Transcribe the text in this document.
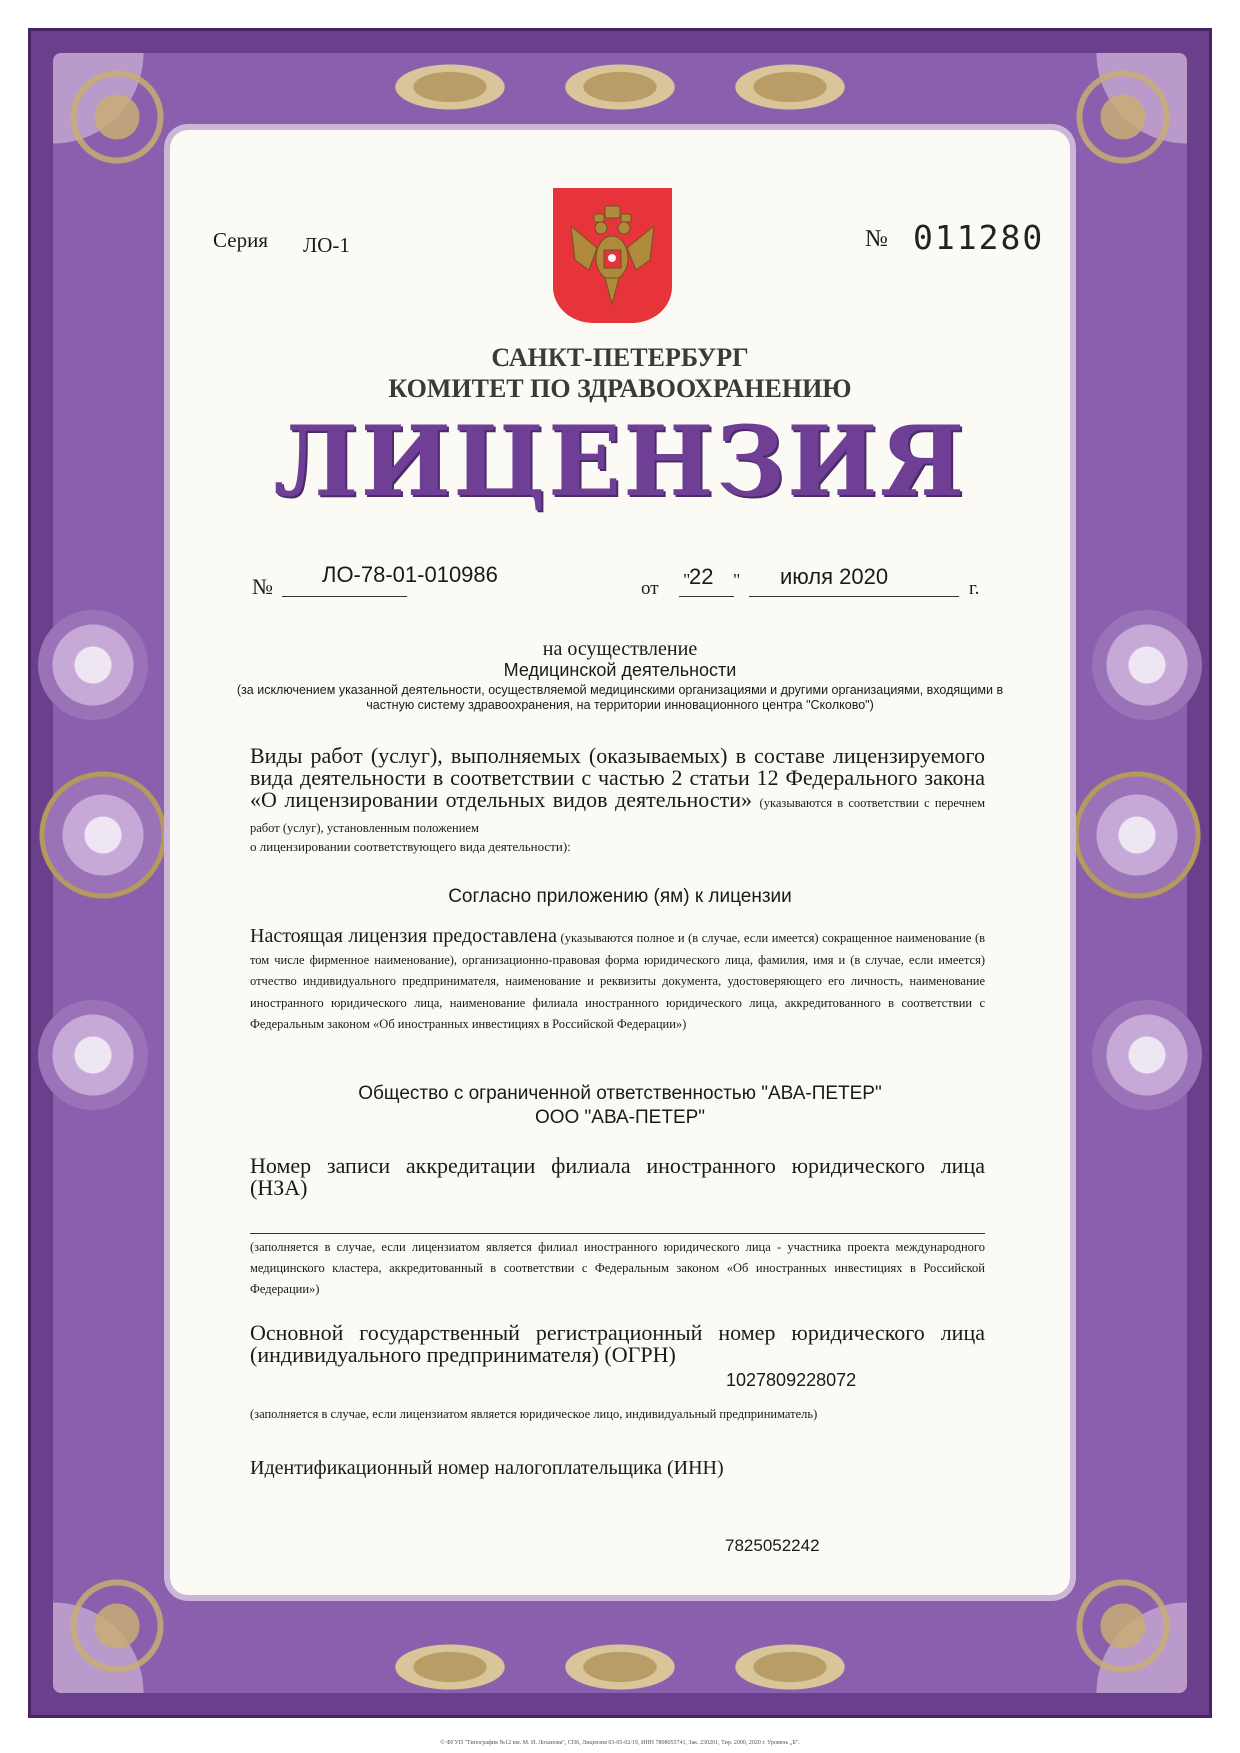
Серия ЛО-1	№ 011280
САНКТ-ПЕТЕРБУРГ
КОМИТЕТ ПО ЗДРАВООХРАНЕНИЮ
ЛИЦЕНЗИЯ
№ ЛО-78-01-010986
от "
22 " июля 2020	г.
на осуществление
Медицинской деятельности
(за исключением указанной деятельности, осуществляемой медицинскими организациями и другими организациями, входящими в частную систему здравоохранения, на территории инновационного центра "Сколково")
Виды работ (услуг), выполняемых (оказываемых) в составе лицензируемого вида деятельности в соответствии с частью 2 статьи 12 Федерального закона «О лицензировании отдельных видов деятельности» (указываются в соответствии с перечнем работ (услуг), установленным положением
о лицензировании соответствующего вида деятельности):
Согласно приложению (ям) к лицензии
Настоящая лицензия предоставлена (указываются полное и (в случае, если имеется) сокращенное наименование (в том числе фирменное наименование), организационно-правовая форма юридического лица, фамилия, имя и (в случае, если имеется) отчество индивидуального предпринимателя, наименование и реквизиты документа, удостоверяющего его личность, наименование иностранного юридического лица, наименование филиала иностранного юридического лица, аккредитованного в соответствии с Федеральным законом «Об иностранных инвестициях в Российской Федерации»)
Общество с ограниченной ответственностью "АВА-ПЕТЕР"
ООО "АВА-ПЕТЕР"
Номер записи аккредитации филиала иностранного юридического лица (НЗА)
(заполняется в случае, если лицензиатом является филиал иностранного юридического лица - участника проекта международного медицинского кластера, аккредитованный в соответствии с Федеральным законом «Об иностранных инвестициях в Российской Федерации»)
Основной государственный регистрационный номер юридического лица (индивидуального предпринимателя) (ОГРН)
1027809228072
(заполняется в случае, если лицензиатом является юридическое лицо, индивидуальный предприниматель)
Идентификационный номер налогоплательщика (ИНН)
7825052242
© ФГУП "Типография №12 им. М. И. Лоханова", СПб, Лицензия 03-05-02/19, ИНН 7808055741, Зак. 230201, Тир. 2000, 2020 г. Уровень „Б".
